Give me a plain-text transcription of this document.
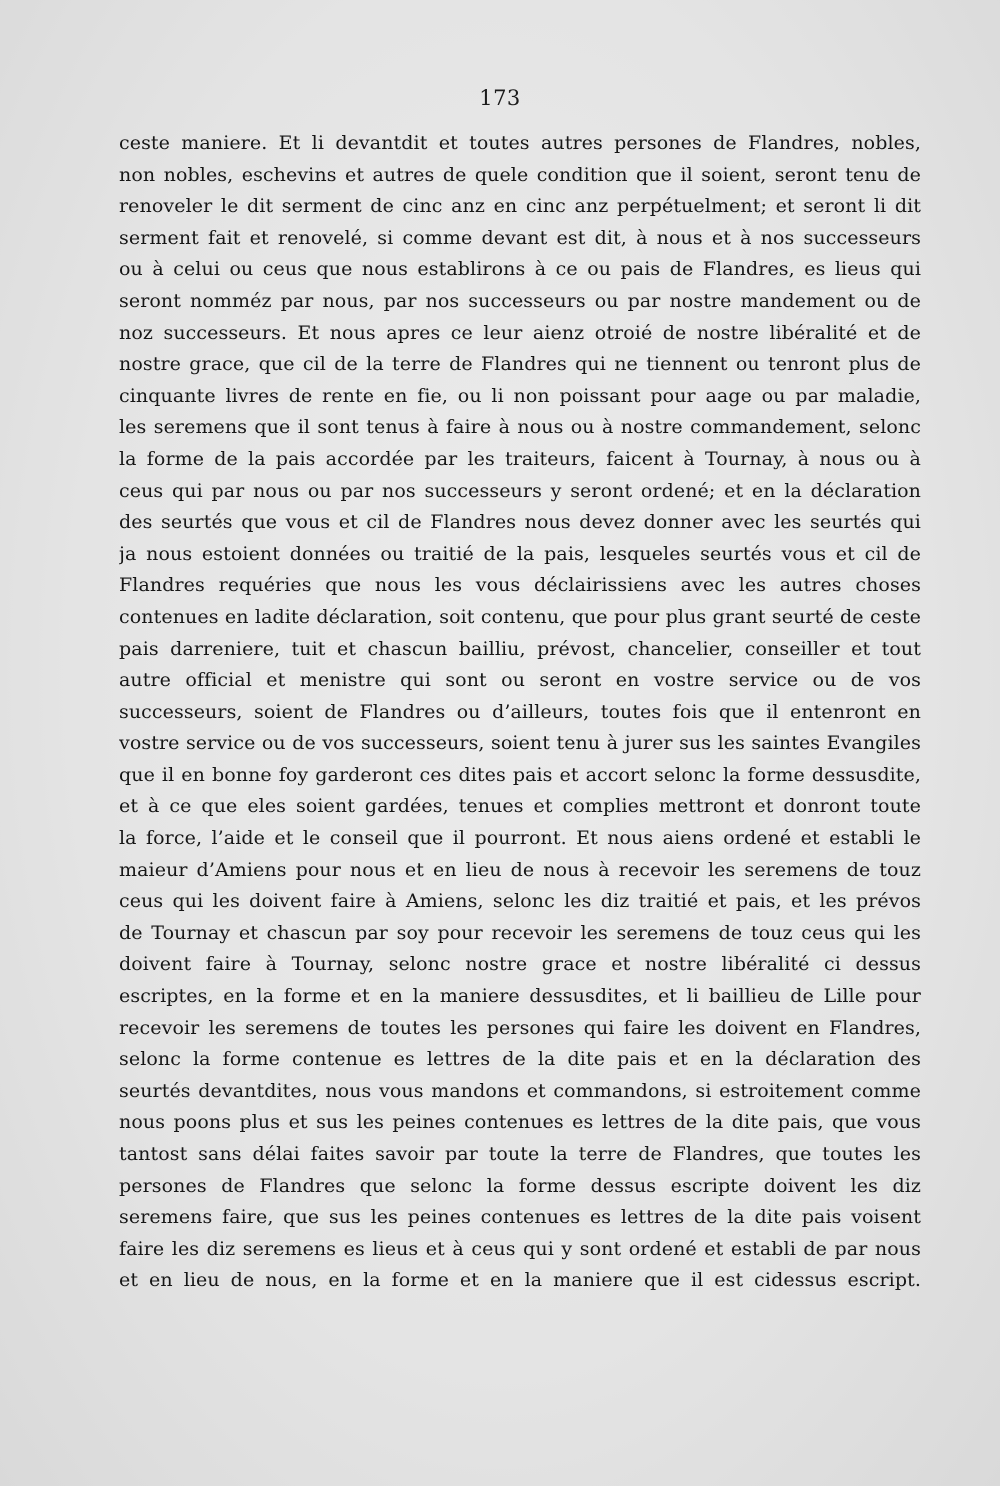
173
ceste maniere. Et li devantdit et toutes autres persones de Flandres, nobles,
non nobles, eschevins et autres de quele condition que il soient, seront tenu de
renoveler le dit serment de cinc anz en cinc anz perpétuelment; et seront li dit
serment fait et renovelé, si comme devant est dit, à nous et à nos successeurs
ou à celui ou ceus que nous establirons à ce ou pais de Flandres, es lieus qui
seront nomméz par nous, par nos successeurs ou par nostre mandement ou de
noz successeurs. Et nous apres ce leur aienz otroié de nostre libéralité et de
nostre grace, que cil de la terre de Flandres qui ne tiennent ou tenront plus de
cinquante livres de rente en fie, ou li non poissant pour aage ou par maladie,
les seremens que il sont tenus à faire à nous ou à nostre commandement, selonc
la forme de la pais accordée par les traiteurs, faicent à Tournay, à nous ou à
ceus qui par nous ou par nos successeurs y seront ordené; et en la déclaration
des seurtés que vous et cil de Flandres nous devez donner avec les seurtés qui
ja nous estoient données ou traitié de la pais, lesqueles seurtés vous et cil de
Flandres requéries que nous les vous déclairissiens avec les autres choses
contenues en ladite déclaration, soit contenu, que pour plus grant seurté de ceste
pais darreniere, tuit et chascun bailliu, prévost, chancelier, conseiller et tout
autre official et menistre qui sont ou seront en vostre service ou de vos
successeurs, soient de Flandres ou d’ailleurs, toutes fois que il entenront en
vostre service ou de vos successeurs, soient tenu à jurer sus les saintes Evangiles
que il en bonne foy garderont ces dites pais et accort selonc la forme dessusdite,
et à ce que eles soient gardées, tenues et complies mettront et donront toute
la force, l’aide et le conseil que il pourront. Et nous aiens ordené et establi le
maieur d’Amiens pour nous et en lieu de nous à recevoir les seremens de touz
ceus qui les doivent faire à Amiens, selonc les diz traitié et pais, et les prévos
de Tournay et chascun par soy pour recevoir les seremens de touz ceus qui les
doivent faire à Tournay, selonc nostre grace et nostre libéralité ci dessus
escriptes, en la forme et en la maniere dessusdites, et li baillieu de Lille pour
recevoir les seremens de toutes les persones qui faire les doivent en Flandres,
selonc la forme contenue es lettres de la dite pais et en la déclaration des
seurtés devantdites, nous vous mandons et commandons, si estroitement comme
nous poons plus et sus les peines contenues es lettres de la dite pais, que vous
tantost sans délai faites savoir par toute la terre de Flandres, que toutes les
persones de Flandres que selonc la forme dessus escripte doivent les diz
seremens faire, que sus les peines contenues es lettres de la dite pais voisent
faire les diz seremens es lieus et à ceus qui y sont ordené et establi de par nous
et en lieu de nous, en la forme et en la maniere que il est cidessus escript.
